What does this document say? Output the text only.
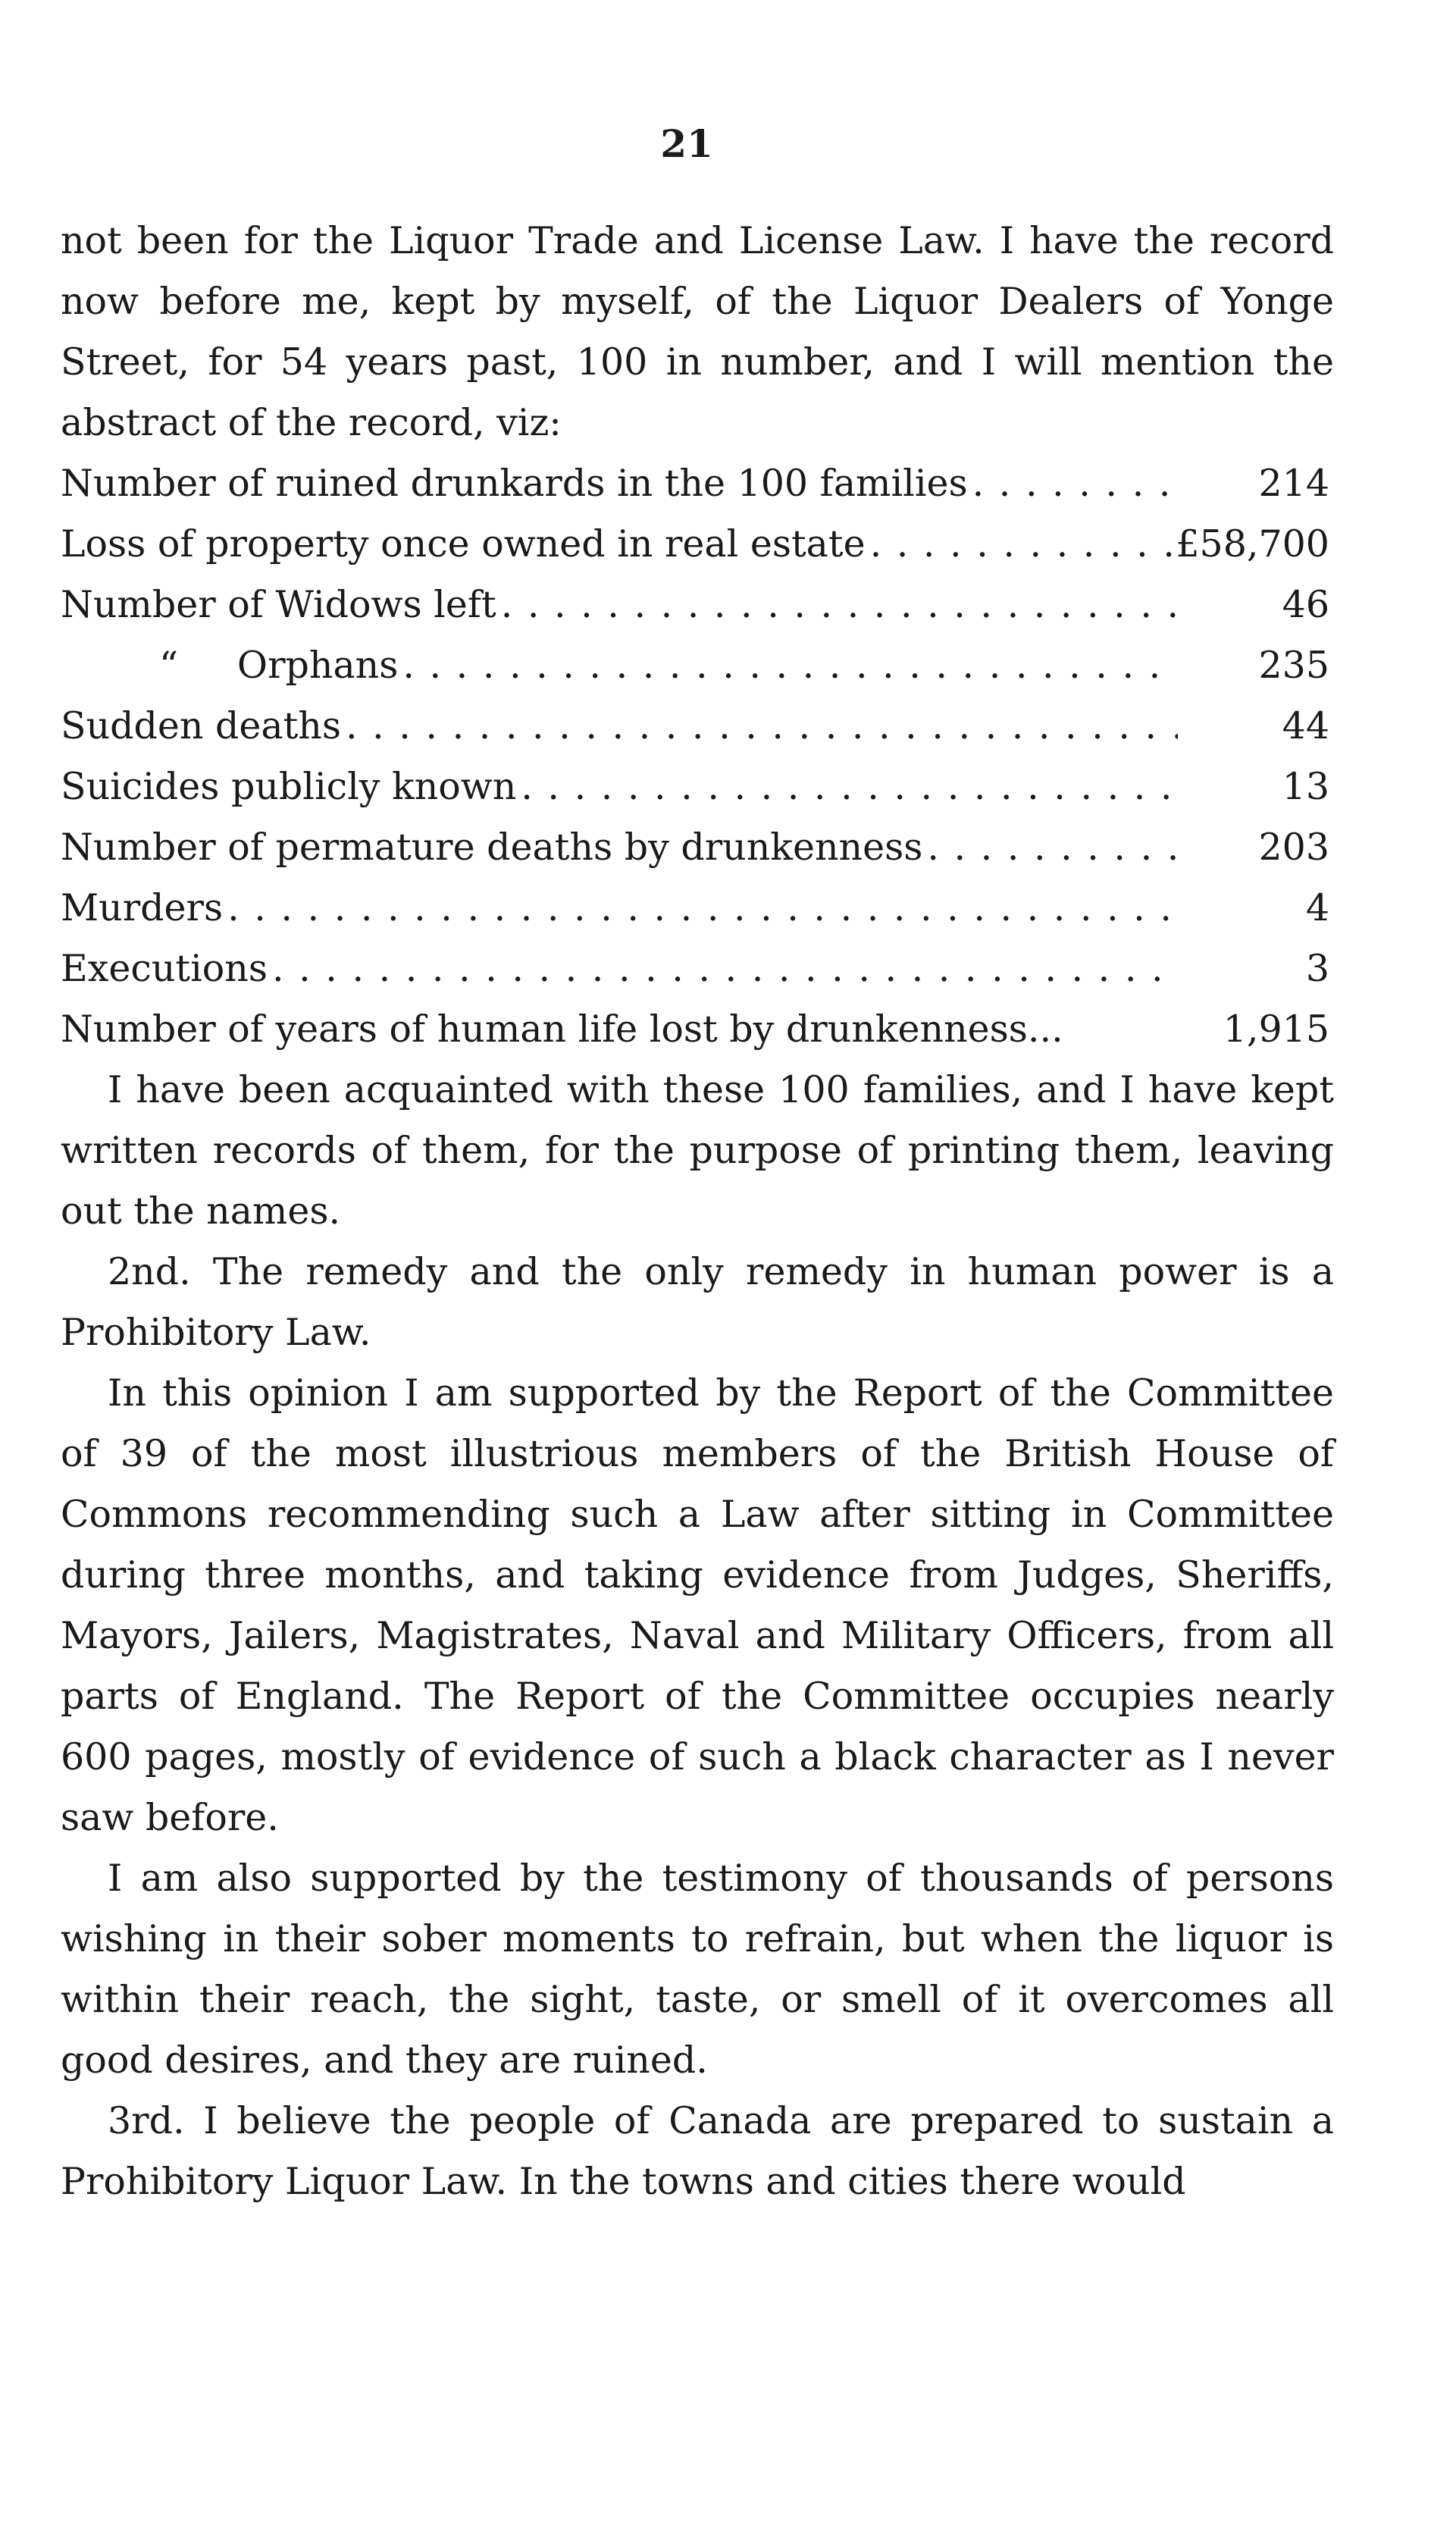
21

not been for the Liquor Trade and License Law. I have the record now before me, kept by myself, of the Liquor Dealers of Yonge Street, for 54 years past, 100 in number, and I will mention the abstract of the record, viz:

Number of ruined drunkards in the 100 families . . .	214
Loss of property once owned in real estate . . .	£58,700
Number of Widows left . . .	46
“     Orphans . . .	235
Sudden deaths . . .	44
Suicides publicly known . . .	13
Number of permature deaths by drunkenness . . .	203
Murders . . .	4
Executions . . .	3
Number of years of human life lost by drunkenness...	1,915

I have been acquainted with these 100 families, and I have kept written records of them, for the purpose of printing them, leaving out the names.

2nd. The remedy and the only remedy in human power is a Prohibitory Law.

In this opinion I am supported by the Report of the Committee of 39 of the most illustrious members of the British House of Commons recommending such a Law after sitting in Committee during three months, and taking evidence from Judges, Sheriffs, Mayors, Jailers, Magistrates, Naval and Military Officers, from all parts of England. The Report of the Committee occupies nearly 600 pages, mostly of evidence of such a black character as I never saw before.

I am also supported by the testimony of thousands of persons wishing in their sober moments to refrain, but when the liquor is within their reach, the sight, taste, or smell of it overcomes all good desires, and they are ruined.

3rd. I believe the people of Canada are prepared to sustain a Prohibitory Liquor Law. In the towns and cities there would
